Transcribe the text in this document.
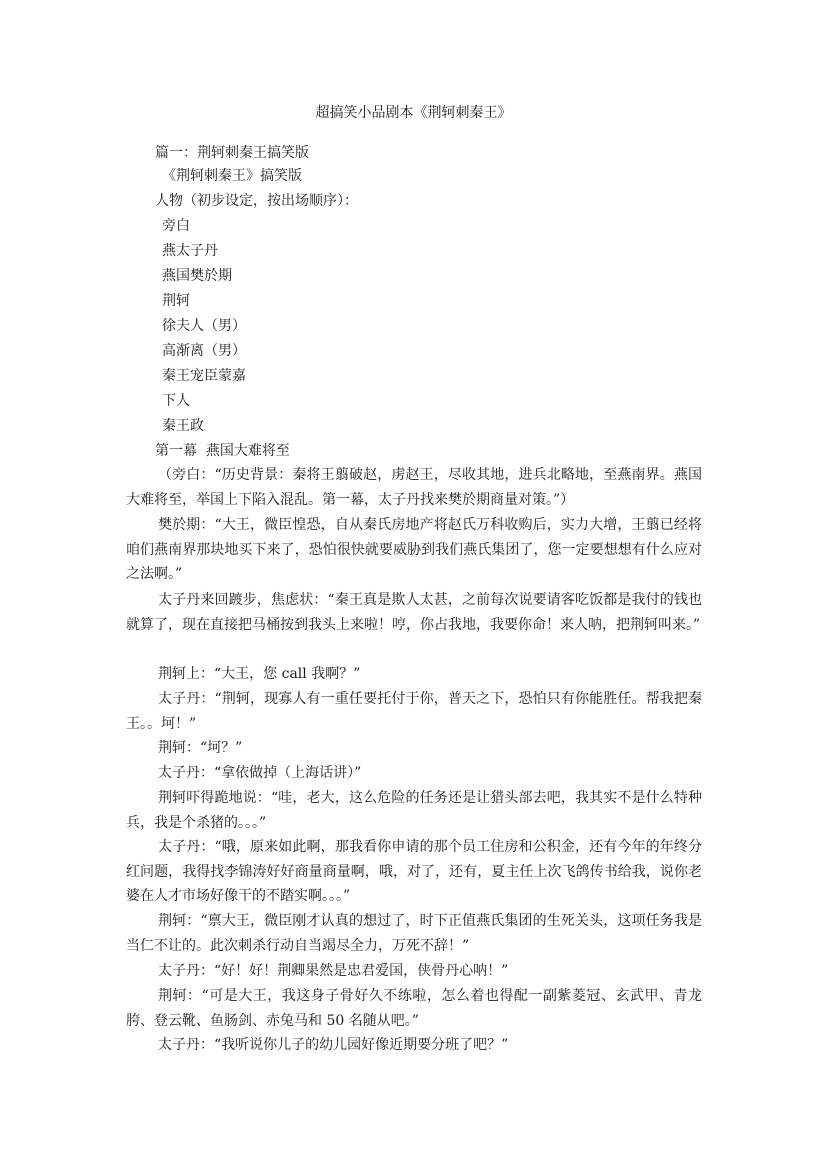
超搞笑小品剧本《荆轲刺秦王》
篇一：荆轲刺秦王搞笑版
《荆轲刺秦王》搞笑版
人物（初步设定，按出场顺序）：
旁白
燕太子丹
燕国樊於期
荆轲
徐夫人（男）
高渐离（男）
秦王宠臣蒙嘉
下人
秦王政
第一幕  燕国大难将至
（旁白：“历史背景：秦将王翦破赵，虏赵王，尽收其地，进兵北略地，至燕南界。燕国大难将至，举国上下陷入混乱。第一幕，太子丹找来樊於期商量对策。”）
樊於期：“大王，微臣惶恐，自从秦氏房地产将赵氏万科收购后，实力大增，王翦已经将咱们燕南界那块地买下来了，恐怕很快就要威胁到我们燕氏集团了，您一定要想想有什么应对之法啊。”
太子丹来回踱步，焦虑状：“秦王真是欺人太甚，之前每次说要请客吃饭都是我付的钱也就算了，现在直接把马桶按到我头上来啦！哼，你占我地，我要你命！来人呐，把荆轲叫来。”
荆轲上：“大王，您 call 我啊？”
太子丹：“荆轲，现寡人有一重任要托付于你，普天之下，恐怕只有你能胜任。帮我把秦王。。坷！”
荆轲：“坷？”
太子丹：“拿依做掉（上海话讲）”
荆轲吓得跪地说：“哇，老大，这么危险的任务还是让猎头部去吧，我其实不是什么特种兵，我是个杀猪的。。。”
太子丹：“哦，原来如此啊，那我看你申请的那个员工住房和公积金，还有今年的年终分红问题，我得找李锦涛好好商量商量啊，哦，对了，还有，夏主任上次飞鸽传书给我，说你老婆在人才市场好像干的不踏实啊。。。”
荆轲：“禀大王，微臣刚才认真的想过了，时下正值燕氏集团的生死关头，这项任务我是当仁不让的。此次刺杀行动自当竭尽全力，万死不辞！”
太子丹：“好！好！荆卿果然是忠君爱国，侠骨丹心呐！”
荆轲：“可是大王，我这身子骨好久不练啦，怎么着也得配一副紫菱冠、玄武甲、青龙胯、登云靴、鱼肠剑、赤兔马和 50 名随从吧。”
太子丹：“我听说你儿子的幼儿园好像近期要分班了吧？”
